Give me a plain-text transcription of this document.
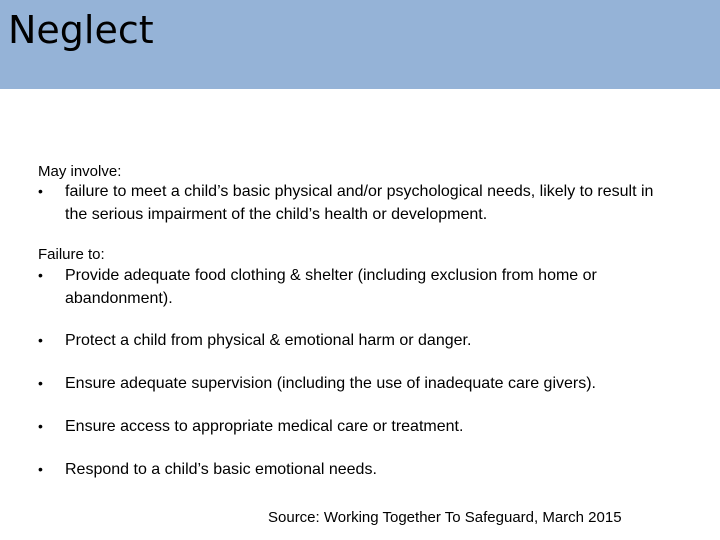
Neglect
May involve:
•	failure to meet a child’s basic physical and/or psychological needs, likely to result in the serious impairment of the child’s health or development.
Failure to:
•	Provide adequate food clothing & shelter (including exclusion from home or abandonment).
•	Protect a child from physical & emotional harm or danger.
•	Ensure adequate supervision (including the use of inadequate care givers).
•	Ensure access to appropriate medical care or treatment.
•	Respond to a child’s basic emotional needs.
Source: Working Together To Safeguard, March 2015
